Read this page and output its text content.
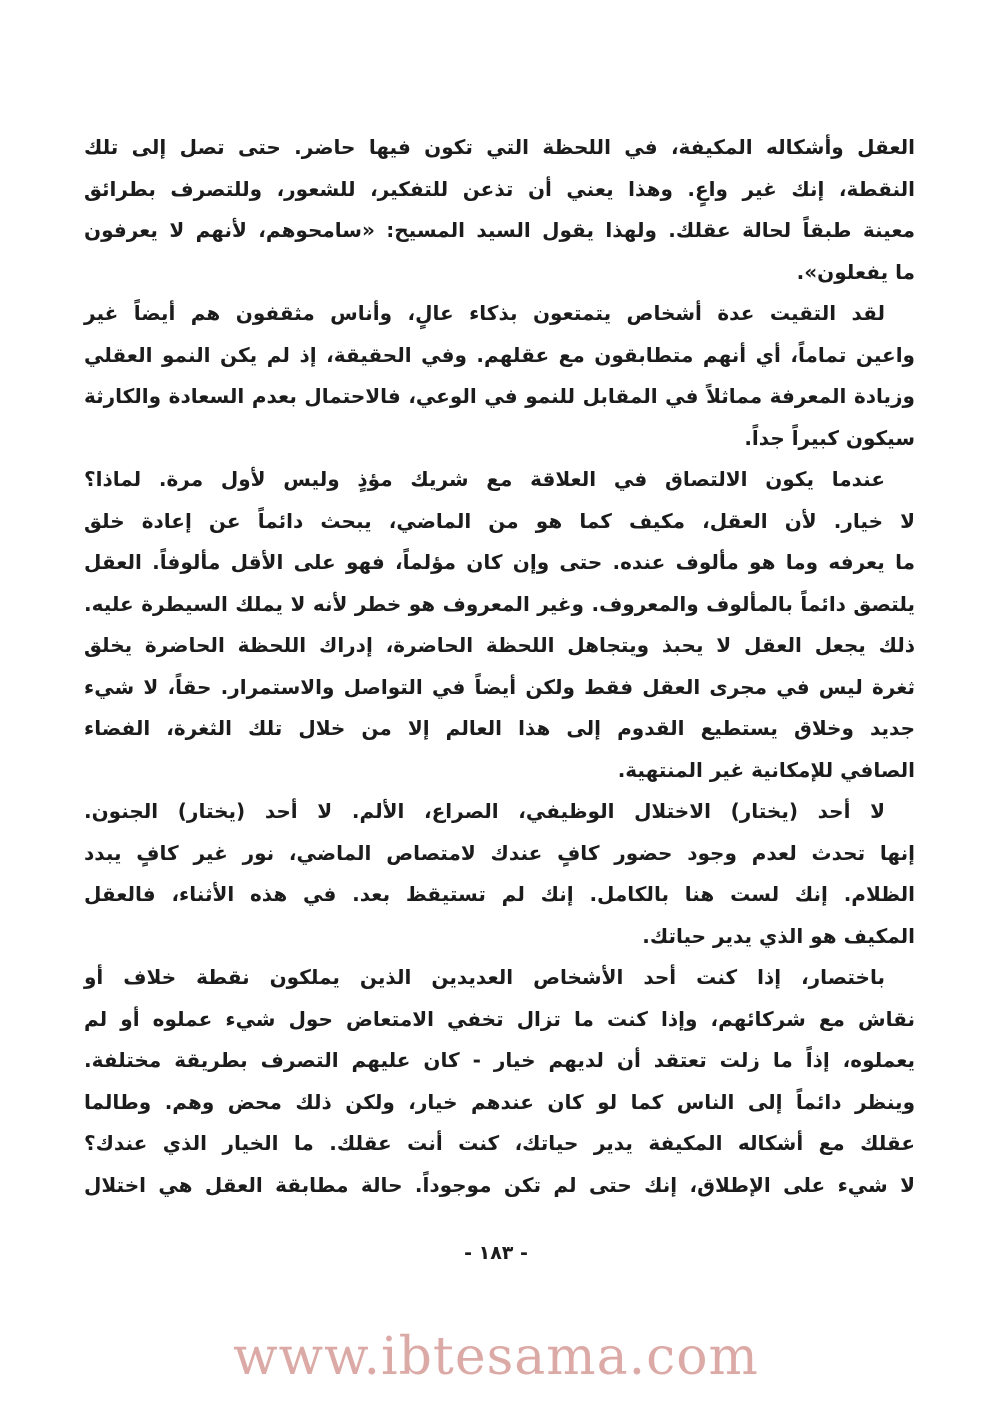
العقل وأشكاله المكيفة، في اللحظة التي تكون فيها حاضر. حتى تصل إلى تلك
النقطة، إنك غير واعٍ. وهذا يعني أن تذعن للتفكير، للشعور، وللتصرف بطرائق
معينة طبقاً لحالة عقلك. ولهذا يقول السيد المسيح: «سامحوهم، لأنهم لا يعرفون
ما يفعلون».
لقد التقيت عدة أشخاص يتمتعون بذكاء عالٍ، وأناس مثقفون هم أيضاً غير
واعين تماماً، أي أنهم متطابقون مع عقلهم. وفي الحقيقة، إذ لم يكن النمو العقلي
وزيادة المعرفة مماثلاً في المقابل للنمو في الوعي، فالاحتمال بعدم السعادة والكارثة
سيكون كبيراً جداً.
عندما يكون الالتصاق في العلاقة مع شريك مؤذٍ وليس لأول مرة. لماذا؟
لا خيار. لأن العقل، مكيف كما هو من الماضي، يبحث دائماً عن إعادة خلق
ما يعرفه وما هو مألوف عنده. حتى وإن كان مؤلماً، فهو على الأقل مألوفاً. العقل
يلتصق دائماً بالمألوف والمعروف. وغير المعروف هو خطر لأنه لا يملك السيطرة عليه.
ذلك يجعل العقل لا يحبذ ويتجاهل اللحظة الحاضرة، إدراك اللحظة الحاضرة يخلق
ثغرة ليس في مجرى العقل فقط ولكن أيضاً في التواصل والاستمرار. حقاً، لا شيء
جديد وخلاق يستطيع القدوم إلى هذا العالم إلا من خلال تلك الثغرة، الفضاء
الصافي للإمكانية غير المنتهية.
لا أحد (يختار) الاختلال الوظيفي، الصراع، الألم. لا أحد (يختار) الجنون.
إنها تحدث لعدم وجود حضور كافٍ عندك لامتصاص الماضي، نور غير كافٍ يبدد
الظلام. إنك لست هنا بالكامل. إنك لم تستيقظ بعد. في هذه الأثناء، فالعقل
المكيف هو الذي يدير حياتك.
باختصار، إذا كنت أحد الأشخاص العديدين الذين يملكون نقطة خلاف أو
نقاش مع شركائهم، وإذا كنت ما تزال تخفي الامتعاض حول شيء عملوه أو لم
يعملوه، إذاً ما زلت تعتقد أن لديهم خيار - كان عليهم التصرف بطريقة مختلفة.
وينظر دائماً إلى الناس كما لو كان عندهم خيار، ولكن ذلك محض وهم. وطالما
عقلك مع أشكاله المكيفة يدير حياتك، كنت أنت عقلك. ما الخيار الذي عندك؟
لا شيء على الإطلاق، إنك حتى لم تكن موجوداً. حالة مطابقة العقل هي اختلال
- ١٨٣ -
www.ibtesama.com
